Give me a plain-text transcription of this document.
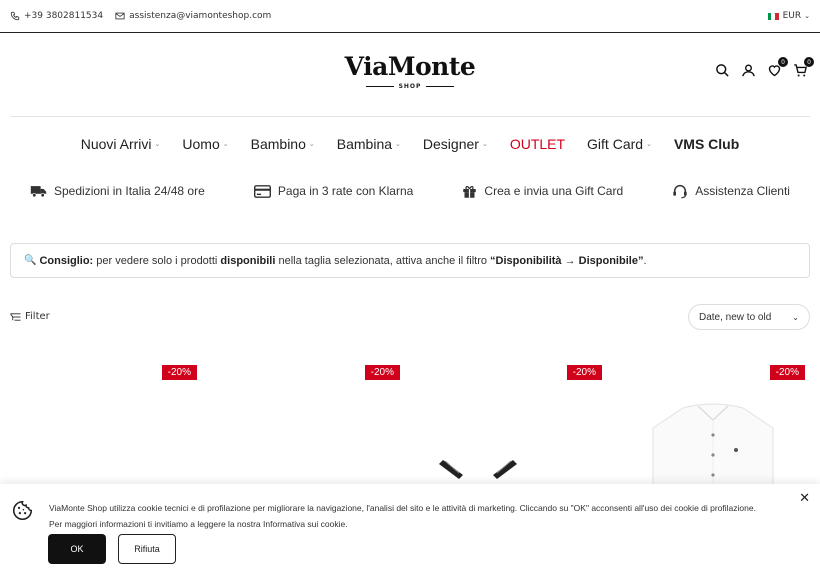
+39 3802811534	assistenza@viamonteshop.com	EUR ⌄
ViaMonte
SHOP
0	0
Nuovi Arrivi ⌄ Uomo ⌄ Bambino ⌄ Bambina ⌄ Designer ⌄ OUTLET Gift Card ⌄ VMS Club
Spedizioni in Italia 24/48 ore	Paga in 3 rate con Klarna	Crea e invia una Gift Card	Assistenza Clienti
🔍 Consiglio: per vedere solo i prodotti disponibili nella taglia selezionata, attiva anche il filtro “Disponibilità → Disponibile” .
Filter	Date, new to old	⌄
-20%	-20%	-20%	-20%
ViaMonte Shop utilizza cookie tecnici e di profilazione per migliorare la navigazione, l'analisi del sito e le attività di marketing. Cliccando su "OK" acconsenti all'uso dei cookie di profilazione.
Per maggiori informazioni ti invitiamo a leggere la nostra Informativa sui cookie.
✕
OK	Rifiuta
